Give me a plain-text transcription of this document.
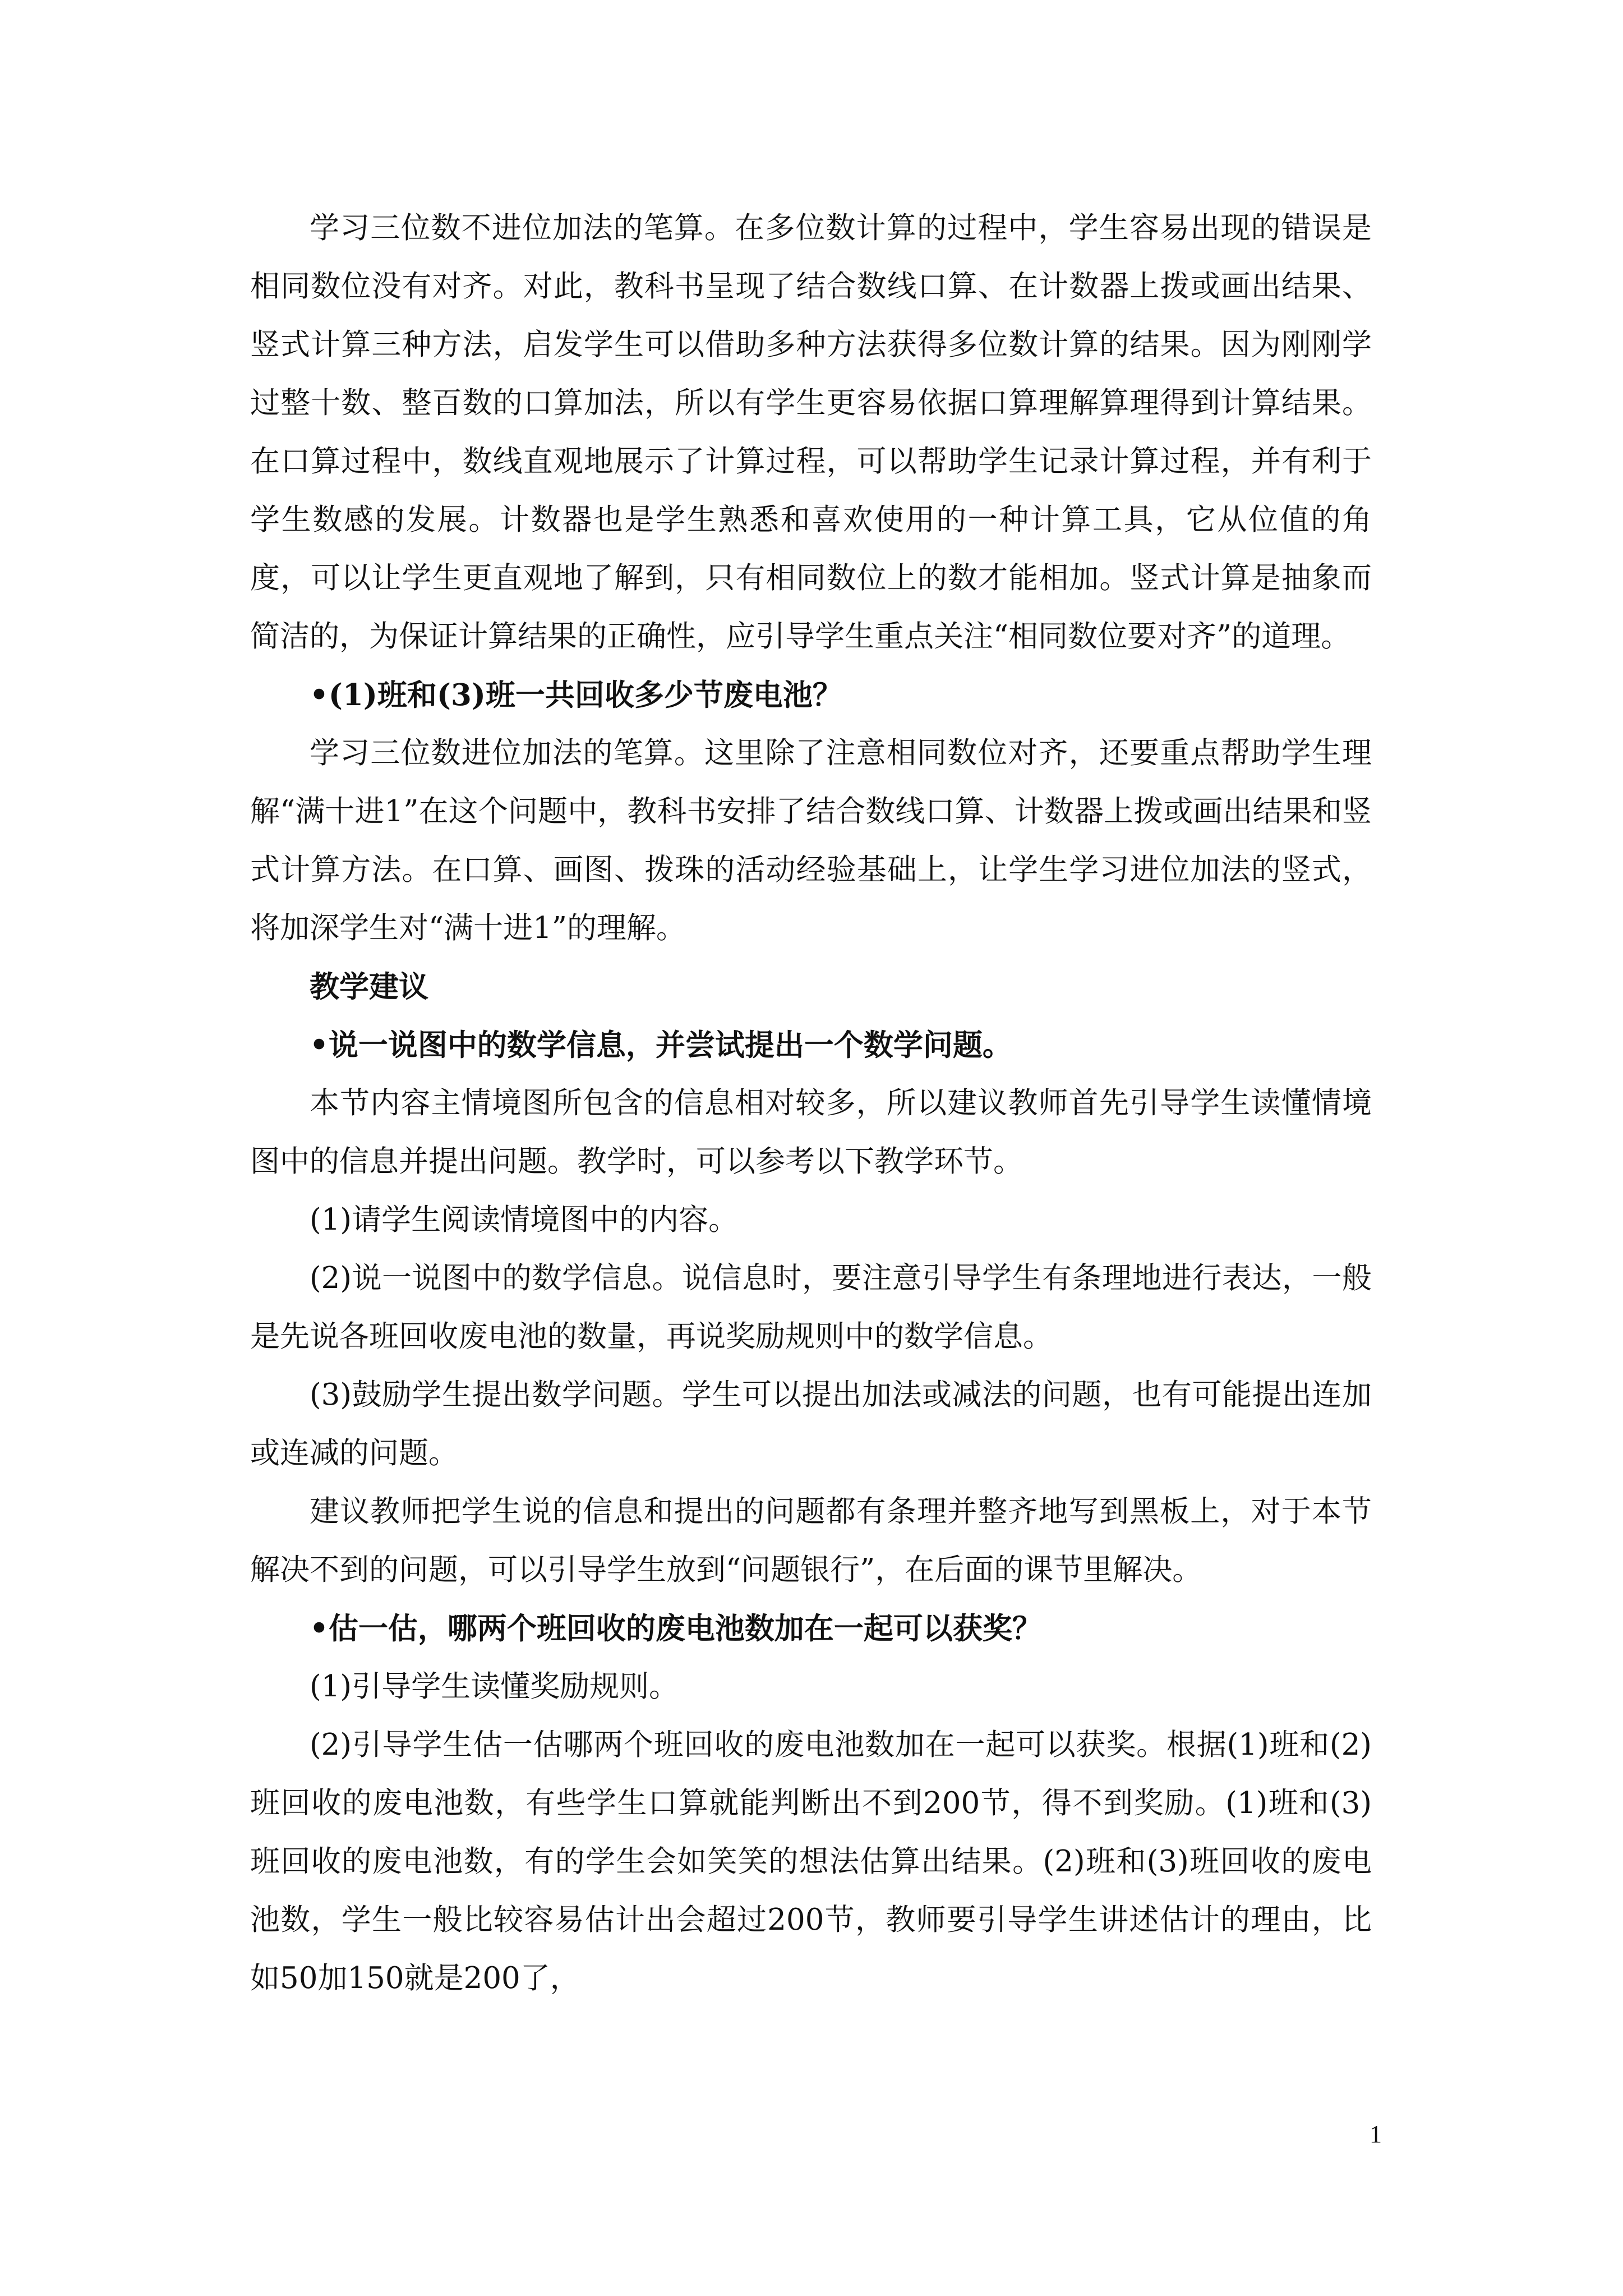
学习三位数不进位加法的笔算。在多位数计算的过程中，学生容易出现的错误是相同数位没有对齐。对此，教科书呈现了结合数线口算、在计数器上拨或画出结果、竖式计算三种方法，启发学生可以借助多种方法获得多位数计算的结果。因为刚刚学过整十数、整百数的口算加法，所以有学生更容易依据口算理解算理得到计算结果。在口算过程中，数线直观地展示了计算过程，可以帮助学生记录计算过程，并有利于学生数感的发展。计数器也是学生熟悉和喜欢使用的一种计算工具，它从位值的角度，可以让学生更直观地了解到，只有相同数位上的数才能相加。竖式计算是抽象而简洁的，为保证计算结果的正确性，应引导学生重点关注“相同数位要对齐”的道理。

•(1)班和(3)班一共回收多少节废电池？

学习三位数进位加法的笔算。这里除了注意相同数位对齐，还要重点帮助学生理解“满十进1”在这个问题中，教科书安排了结合数线口算、计数器上拨或画出结果和竖式计算方法。在口算、画图、拨珠的活动经验基础上，让学生学习进位加法的竖式，将加深学生对“满十进1”的理解。

教学建议

•说一说图中的数学信息，并尝试提出一个数学问题。

本节内容主情境图所包含的信息相对较多，所以建议教师首先引导学生读懂情境图中的信息并提出问题。教学时，可以参考以下教学环节。

(1)请学生阅读情境图中的内容。

(2)说一说图中的数学信息。说信息时，要注意引导学生有条理地进行表达，一般是先说各班回收废电池的数量，再说奖励规则中的数学信息。

(3)鼓励学生提出数学问题。学生可以提出加法或减法的问题，也有可能提出连加或连减的问题。

建议教师把学生说的信息和提出的问题都有条理并整齐地写到黑板上，对于本节解决不到的问题，可以引导学生放到“问题银行”，在后面的课节里解决。

•估一估，哪两个班回收的废电池数加在一起可以获奖？

(1)引导学生读懂奖励规则。

(2)引导学生估一估哪两个班回收的废电池数加在一起可以获奖。根据(1)班和(2)班回收的废电池数，有些学生口算就能判断出不到200节，得不到奖励。(1)班和(3)班回收的废电池数，有的学生会如笑笑的想法估算出结果。(2)班和(3)班回收的废电池数，学生一般比较容易估计出会超过200节，教师要引导学生讲述估计的理由，比如50加150就是200了，

1
